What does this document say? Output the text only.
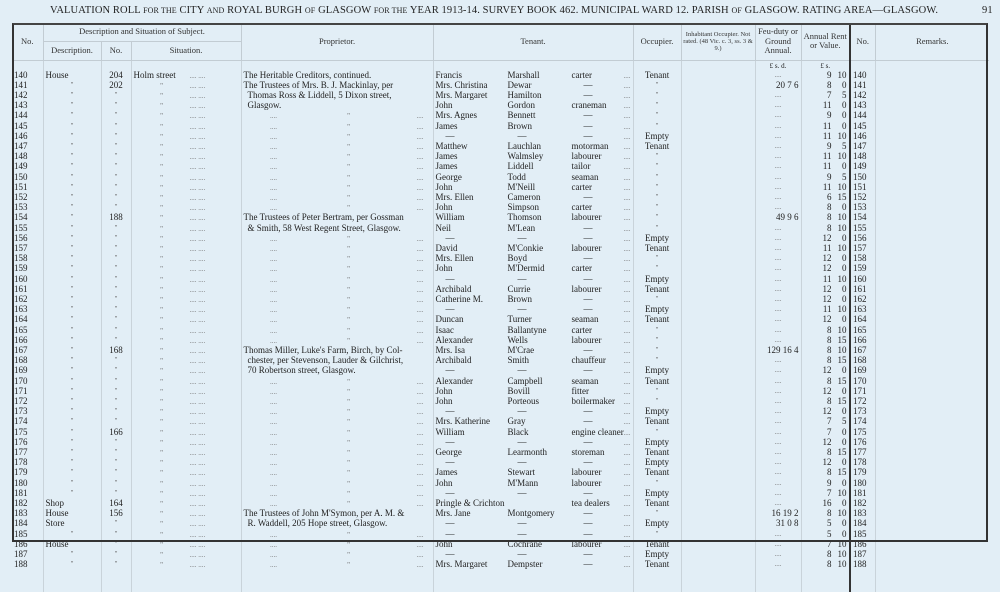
VALUATION ROLL FOR THE CITY AND ROYAL BURGH OF GLASGOW FOR THE YEAR 1913-14. SURVEY BOOK 462. MUNICIPAL WARD 12. PARISH OF GLASGOW. RATING AREA—GLASGOW.	91
No.	Description and Situation of Subject.			Proprietor.	Tenant.	Occupier.	Inhabitant Occupier. Not rated. (48 Vic. c. 3, ss. 3 & 9.)	Feu-duty or Ground Annual.	Annual Rent or Value.	No.	Remarks.
	Description.	No.	Situation.								
								£ s. d.	£ s.		
140	House	204	Holm street .... ....	The Heritable Creditors, continued.	Francis Marshall carter ....	Tenant		....	9 10	140	
141	"	202	" .... ....	The Trustees of Mrs. B. J. Mackinlay, per	Mrs. Christina Dewar — ....	"		20 7 6	8 0	141	
142	"	"	" .... ....	Thomas Ross & Liddell, 5 Dixon street,	Mrs. Margaret Hamilton — ....	"		....	7 5	142	
143	"	"	" .... ....	Glasgow.	John Gordon craneman ....	"		....	11 0	143	
144	"	"	" .... ....	.... " ....	Mrs. Agnes Bennett — ....	"		....	9 0	144	
145	"	"	" .... ....	.... " ....	James Brown — ....	"		....	11 0	145	
146	"	"	" .... ....	.... " ....	— — — ....	Empty		....	11 10	146	
147	"	"	" .... ....	.... " ....	Matthew Lauchlan motorman ....	Tenant		....	9 5	147	
148	"	"	" .... ....	.... " ....	James Walmsley labourer ....	"		....	11 10	148	
149	"	"	" .... ....	.... " ....	James Liddell tailor ....	"		....	11 0	149	
150	"	"	" .... ....	.... " ....	George Todd seaman ....	"		....	9 5	150	
151	"	"	" .... ....	.... " ....	John M'Neill carter ....	"		....	11 10	151	
152	"	"	" .... ....	.... " ....	Mrs. Ellen Cameron — ....	"		....	6 15	152	
153	"	"	" .... ....	.... " ....	John Simpson carter ....	"		....	8 0	153	
154	"	188	" .... ....	The Trustees of Peter Bertram, per Gossman	William Thomson labourer ....	"		49 9 6	8 10	154	
155	"	"	" .... ....	& Smith, 58 West Regent Street, Glasgow.	Neil M'Lean — ....	"		....	8 10	155	
156	"	"	" .... ....	.... " ....	— — — ....	Empty		....	12 0	156	
157	"	"	" .... ....	.... " ....	David M'Conkie labourer ....	Tenant		....	11 10	157	
158	"	"	" .... ....	.... " ....	Mrs. Ellen Boyd — ....	"		....	12 0	158	
159	"	"	" .... ....	.... " ....	John M'Dermid carter ....	"		....	12 0	159	
160	"	"	" .... ....	.... " ....	— — — ....	Empty		....	11 10	160	
161	"	"	" .... ....	.... " ....	Archibald Currie labourer ....	Tenant		....	12 0	161	
162	"	"	" .... ....	.... " ....	Catherine M. Brown — ....	"		....	12 0	162	
163	"	"	" .... ....	.... " ....	— — — ....	Empty		....	11 10	163	
164	"	"	" .... ....	.... " ....	Duncan Turner seaman ....	Tenant		....	12 0	164	
165	"	"	" .... ....	.... " ....	Isaac Ballantyne carter ....	"		....	8 10	165	
166	"	"	" .... ....	.... " ....	Alexander Wells labourer ....	"		....	8 15	166	
167	"	168	" .... ....	Thomas Miller, Luke's Farm, Birch, by Col-	Mrs. Isa M'Crae — ....	"		129 16 4	8 10	167	
168	"	"	" .... ....	chester, per Stevenson, Lauder & Gilchrist,	Archibald Smith chauffeur ....	"		....	8 15	168	
169	"	"	" .... ....	70 Robertson street, Glasgow.	— — — ....	Empty		....	12 0	169	
170	"	"	" .... ....	.... " ....	Alexander Campbell seaman ....	Tenant		....	8 15	170	
171	"	"	" .... ....	.... " ....	John Bovill fitter ....	"		....	12 0	171	
172	"	"	" .... ....	.... " ....	John Porteous boilermaker ....	"		....	8 15	172	
173	"	"	" .... ....	.... " ....	— — — ....	Empty		....	12 0	173	
174	"	"	" .... ....	.... " ....	Mrs. Katherine Gray — ....	Tenant		....	7 5	174	
175	"	166	" .... ....	.... " ....	William Black engine cleaner....	"		....	7 0	175	
176	"	"	" .... ....	.... " ....	— — — ....	Empty		....	12 0	176	
177	"	"	" .... ....	.... " ....	George Learmonth storeman ....	Tenant		....	8 15	177	
178	"	"	" .... ....	.... " ....	— — — ....	Empty		....	12 0	178	
179	"	"	" .... ....	.... " ....	James Stewart labourer ....	Tenant		....	8 15	179	
180	"	"	" .... ....	.... " ....	John M'Mann labourer ....	"		....	9 0	180	
181	"	"	" .... ....	.... " ....	— — — ....	Empty		....	7 10	181	
182	Shop	164	" .... ....	.... " ....	Pringle & Crichton tea dealers ....	Tenant		....	16 0	182	
183	House	156	" .... ....	The Trustees of John M'Symon, per A. M. &	Mrs. Jane Montgomery — ....	"		16 19 2	8 10	183	
184	Store	"	" .... ....	R. Waddell, 205 Hope street, Glasgow.	— — — ....	Empty		31 0 8	5 0	184	
185	"	"	" .... ....	.... " ....	— — — ....	"		....	5 0	185	
186	House	"	" .... ....	.... " ....	John Cochrane labourer ....	Tenant		....	7 10	186	
187	"	"	" .... ....	.... " ....	— — — ....	Empty		....	8 10	187	
188	"	"	" .... ....	.... " ....	Mrs. Margaret Dempster — ....	Tenant		....	8 10	188	
